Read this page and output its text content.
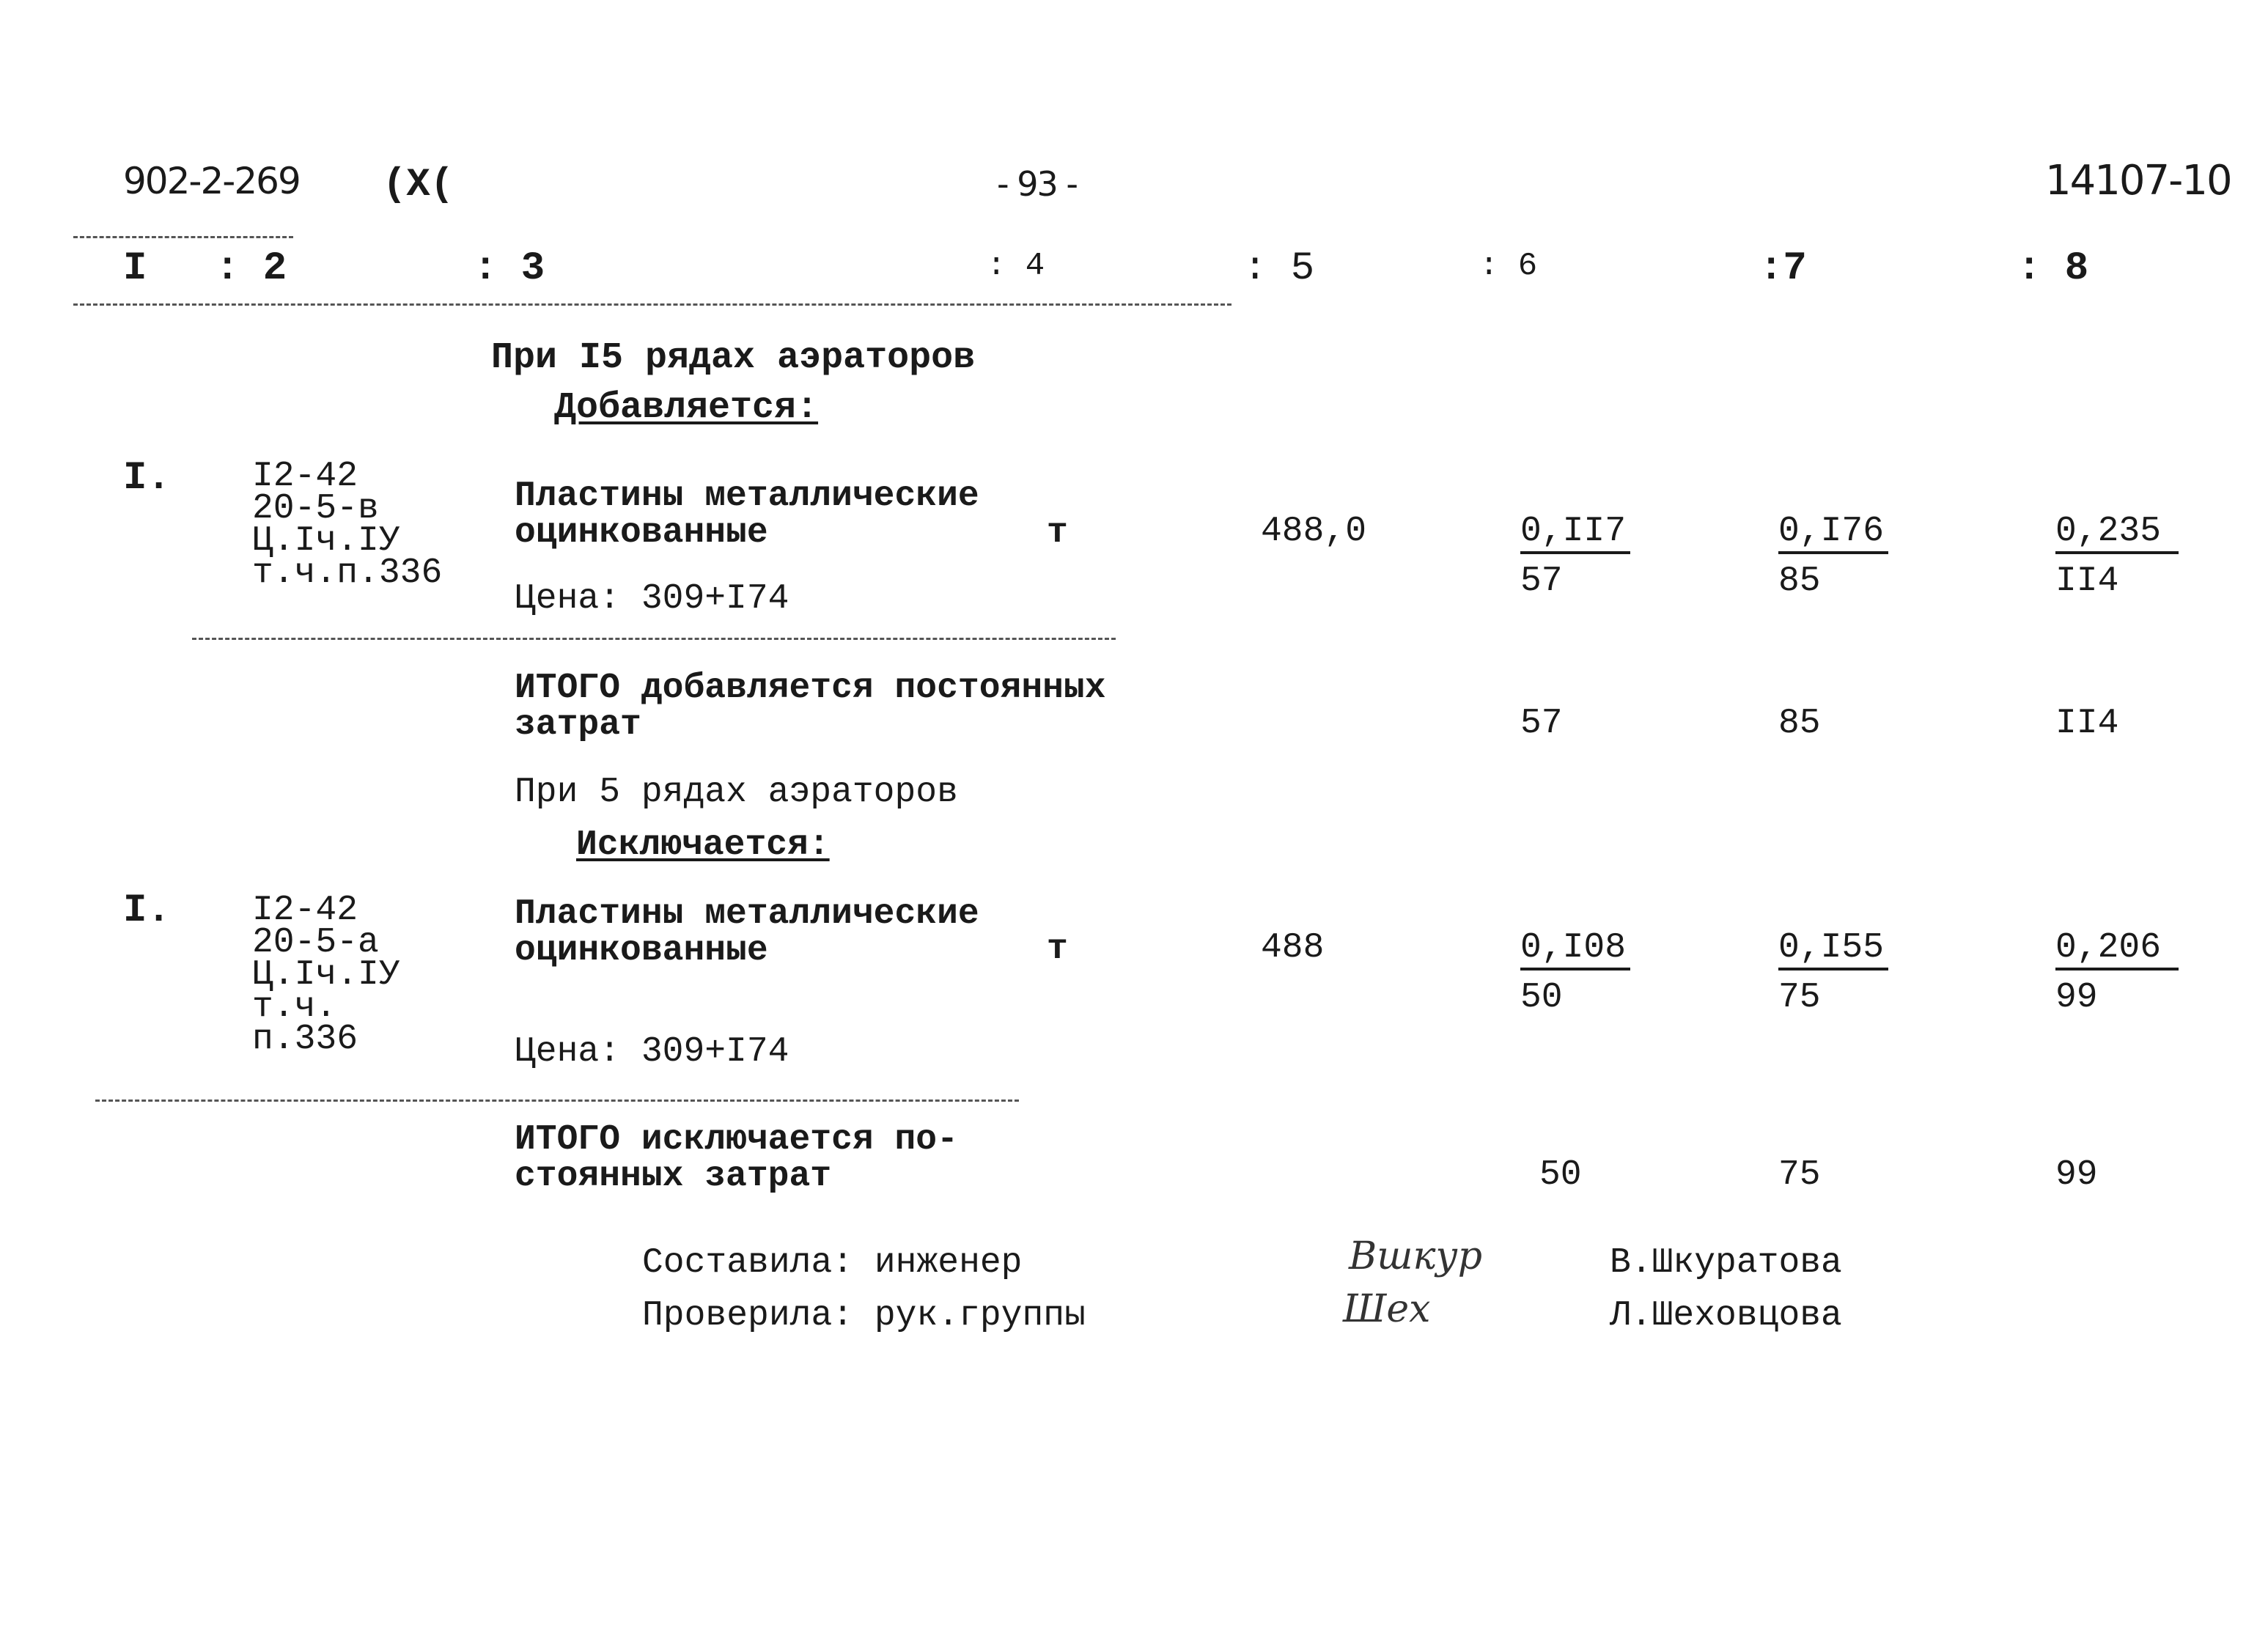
902-2-269 (X(	- 93 -	14107-10
I : 2	: 3	: 4	: 5	: 6	:7	: 8
При I5 рядах аэраторов
Добавляется:
I. I2-42
20-5-в
Ц.Iч.IУ
т.ч.п.336
Пластины металлические
оцинкованные
Цена: 309+I74
т	488,0	$\frac{0,II7}{57}$	$\frac{0,I76}{85}$	$\frac{0,235}{II4}$
ИТОГО добавляется постоянных
затрат	57	85	II4
При 5 рядах аэраторов
Исключается:
I. I2-42
20-5-а
Ц.Iч.IУ
т.ч.
п.336
Пластины металлические
оцинкованные
Цена: 309+I74
т	488	$\frac{0,I08}{50}$	$\frac{0,I55}{75}$	$\frac{0,206}{99}$
ИТОГО исключается по-
стоянных затрат	50	75	99
Составила: инженер	Вшкур	В.Шкуратова
Проверила: рук.группы	Шех	Л.Шеховцова
